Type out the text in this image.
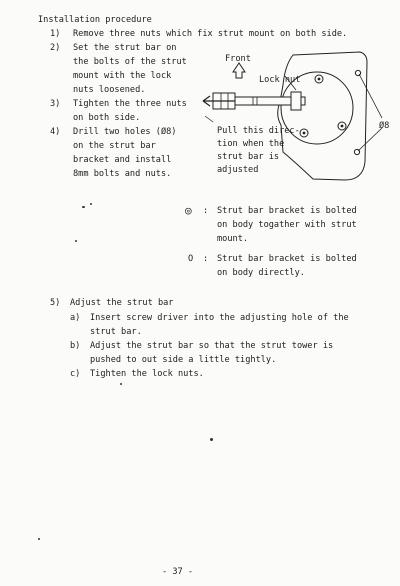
Installation procedure
1) Remove three nuts which fix strut mount on both side.
2) Set the strut bar on
the bolts of the strut
mount with the lock
nuts loosened.
3) Tighten the three nuts
on both side.
4) Drill two holes (Ø8)
on the strut bar
bracket and install
8mm bolts and nuts.
Ø8
Front
Lock nut
Pull this direc-
tion when the
strut bar is
adjusted
◎ : Strut bar bracket is bolted
on body togather with strut
mount.
O : Strut bar bracket is bolted
on body directly.
5) Adjust the strut bar
a) Insert screw driver into the adjusting hole of the
strut bar.
b) Adjust the strut bar so that the strut tower is
pushed to out side a little tightly.
c) Tighten the lock nuts.
- 37 -
